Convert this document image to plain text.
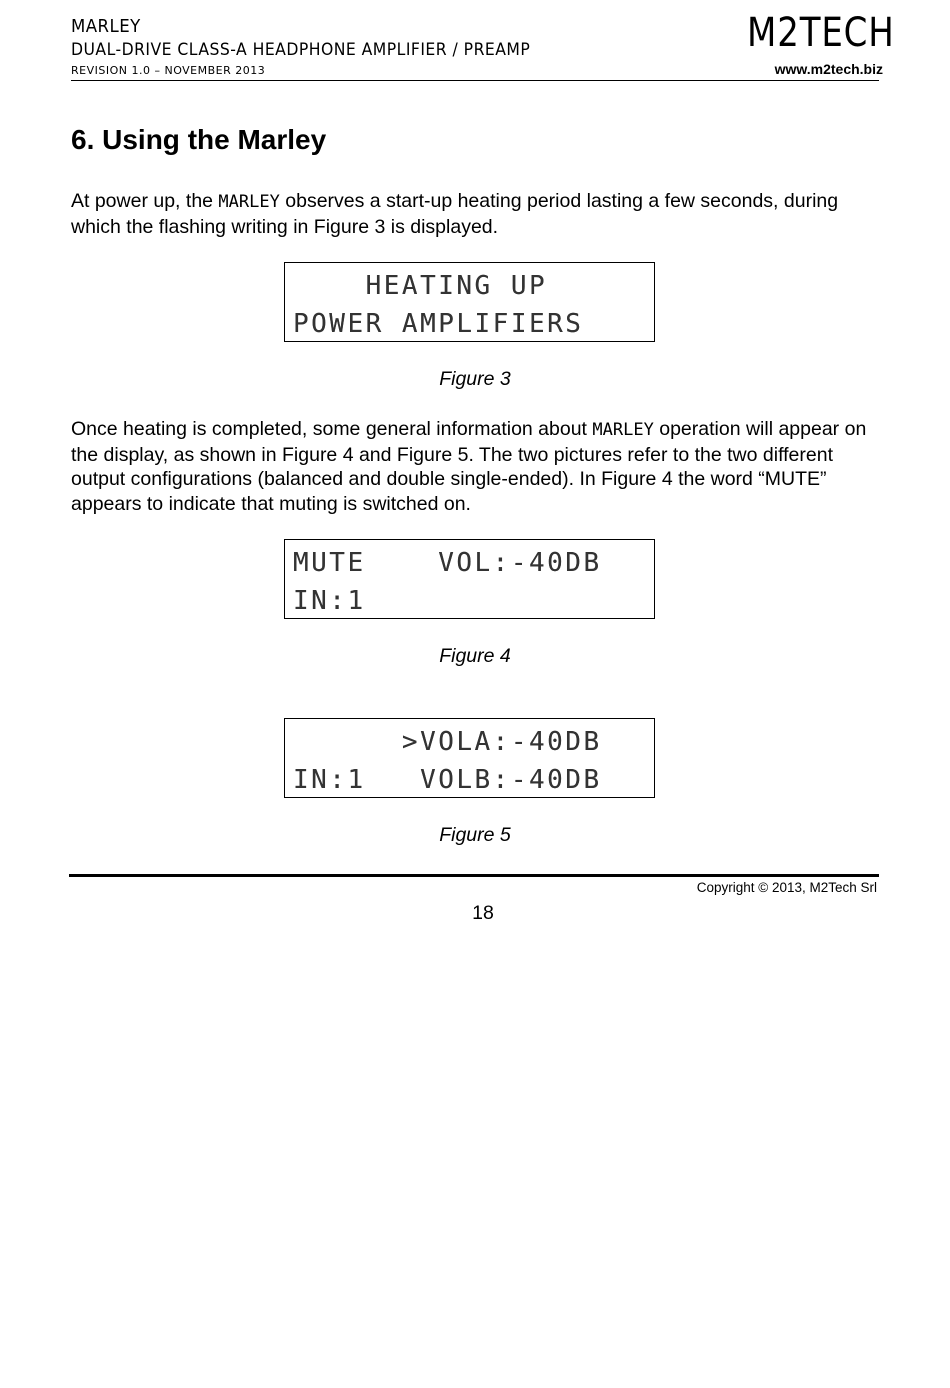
MARLEY
DUAL-DRIVE CLASS-A HEADPHONE AMPLIFIER / PREAMP
REVISION 1.0 – NOVEMBER 2013
M2TECH
www.m2tech.biz
6. Using the Marley

At power up, the MARLEY observes a start-up heating period lasting a few seconds, during which the flashing writing in Figure 3 is displayed.

HEATING UP
POWER AMPLIFIERS

Figure 3

Once heating is completed, some general information about MARLEY operation will appear on the display, as shown in Figure 4 and Figure 5. The two pictures refer to the two different output configurations (balanced and double single-ended). In Figure 4 the word “MUTE” appears to indicate that muting is switched on.

MUTE    VOL:-40DB
IN:1

Figure 4

>VOLA:-40DB
IN:1   VOLB:-40DB

Figure 5

Copyright © 2013, M2Tech Srl
18
